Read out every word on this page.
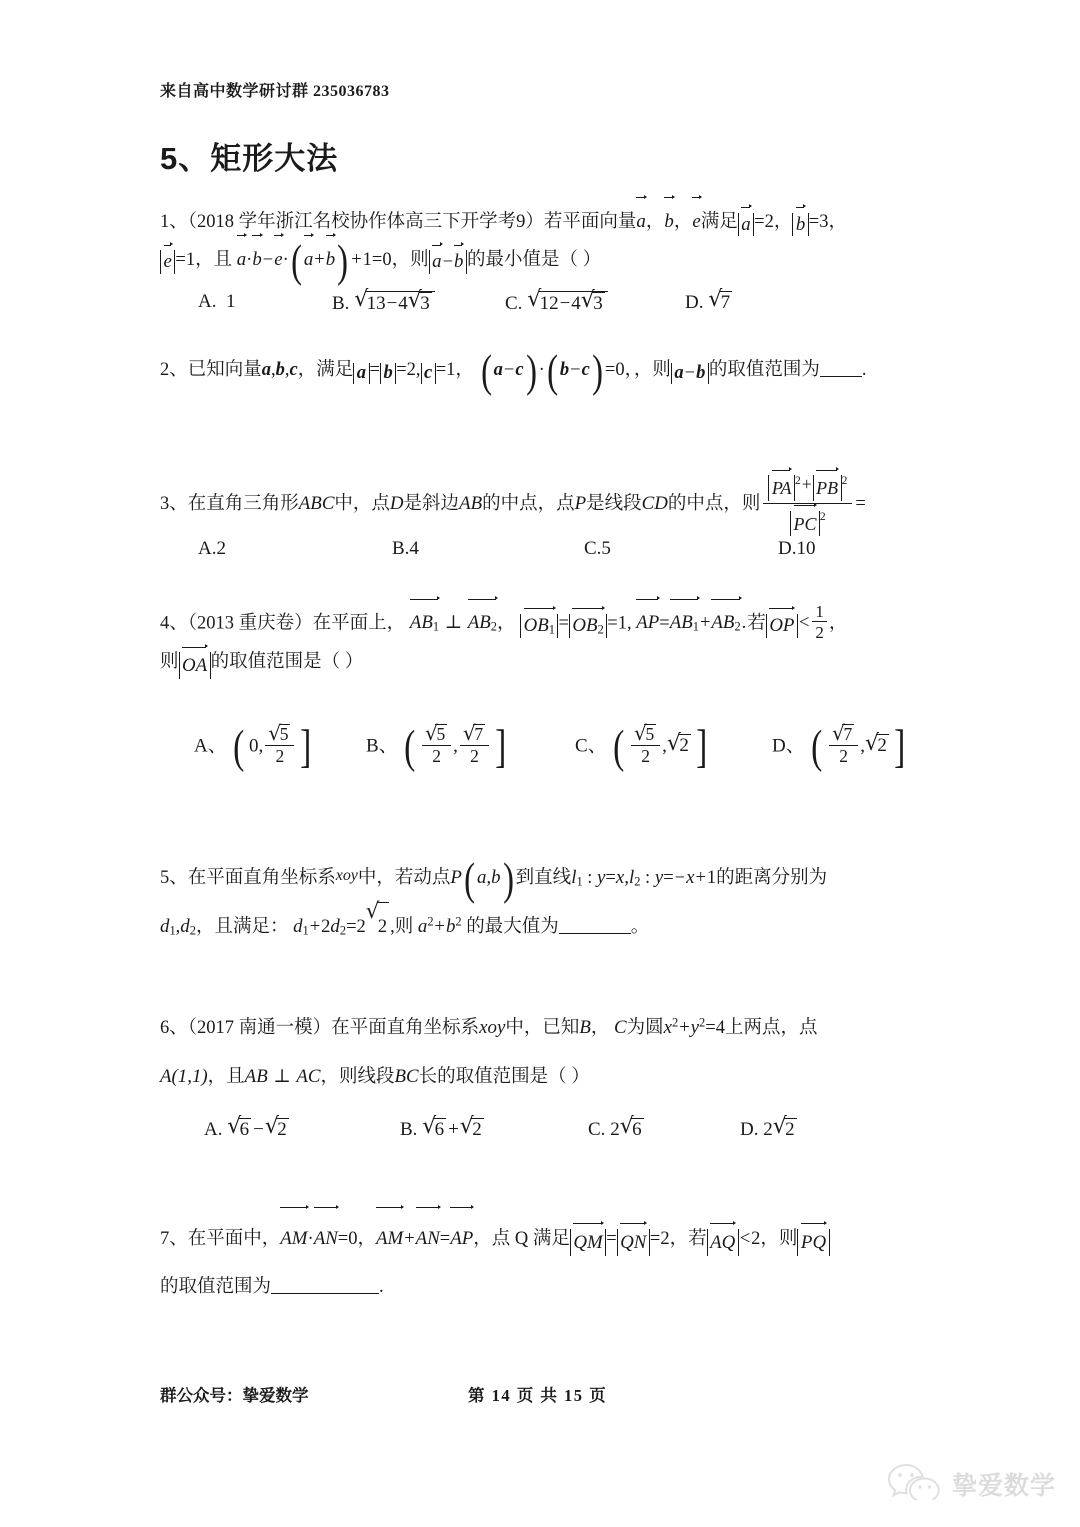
来自高中数学研讨群 235036783
5、矩形大法
1、（2018 学年浙江名校协作体高三下开学考9）若平面向量a，b，e满足 a =2， b =3，
e =1，且 a·b−e·( a+b) +1=0，则 a−b 的最小值是（ ）
A.  1	B. √
13−4 √
3	C. √
12−4 √
3	D. √
7
2、已知向量a,b,c，满足 a = b =2, c =1， ( a−c) ·( b−c) =0，，则 a−b 的取值范围为 .
3、在直角三角形ABC中，点D是斜边AB的中点，点P是线段CD的中点，则 $\frac{PA ^2+ PB ^2}{PC ^2}$ =
A.2	B.4	C.5	D.10
4、（2013 重庆卷）在平面上， $AB_1$ ⊥ $AB_2$， $OB_1 = OB_2 =1$, $AP=AB_1+AB_2$.若 OP < $\frac{1}{2}$ ，
则 OA 的取值范围是（ ）
A、 ( 0, √
5
2 ]	B、 ( √
5
2 , √
7
2 ]	C、 ( √
5
2 , √
2 ]	D、 ( √
7
2 , √
2 ]
5、在平面直角坐标系xoy中，若动点P( a,b) 到直线$l_1$ : $y=x,l_2$ : y=−x+1的距离分别为
$d_1,d_2$，且满足： $d_1+2d_2=2$
√
2 ,则 $a^2+b^2$ 的最大值为	。
6、（2017 南通一模）在平面直角坐标系xoy中，已知B， C为圆$x^2+y^2=4$上两点，点
A(1,1)，且AB ⊥ AC，则线段BC长的取值范围是（ ）
A. √
6 − √
2	B. √
6 + √
2	C. 2 √
6	D. 2 √
2
7、在平面中，AM·AN=0，AM+AN=AP，点 Q 满足 QM = QN =2，若 AQ <2，则 PQ
的取值范围为	.
群公众号：挚爱数学	第 14 页 共 15 页
挚爱数学
